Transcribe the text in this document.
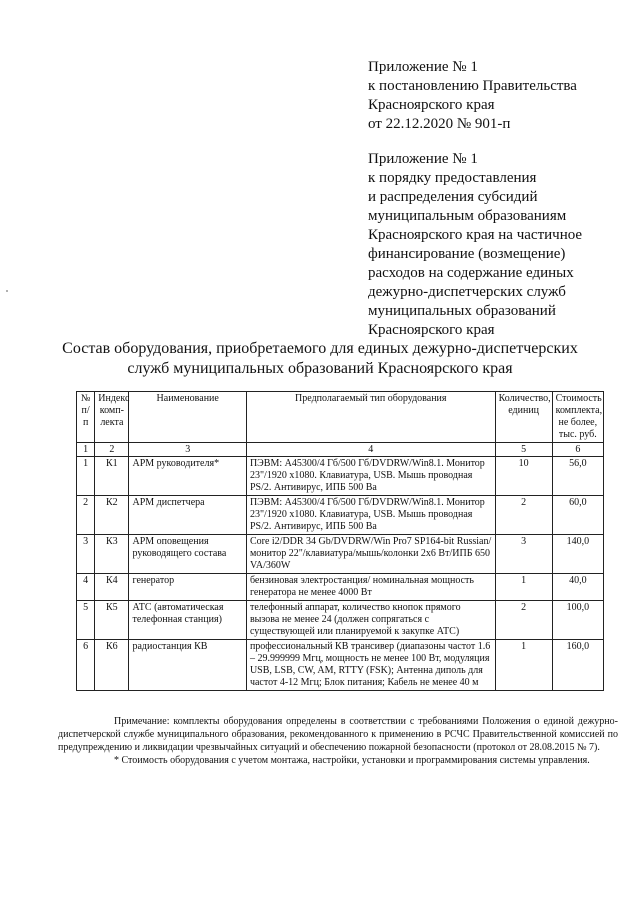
Приложение № 1
к постановлению Правительства
Красноярского края
от 22.12.2020 № 901-п
Приложение № 1
к порядку предоставления
и распределения субсидий
муниципальным образованиям
Красноярского края на частичное
финансирование (возмещение)
расходов на содержание единых
дежурно-диспетчерских служб
муниципальных образований
Красноярского края
Состав оборудования, приобретаемого для единых дежурно-диспетчерских
служб муниципальных образований Красноярского края
№ п/п	Индекс комп-лекта	Наименование	Предполагаемый тип оборудования	Количество, единиц	Стоимость комплекта, не более, тыс. руб.
1	2	3	4	5	6
1	К1	АРМ руководителя*	ПЭВМ: A45300/4 Гб/500 Гб/DVDRW/Win8.1. Монитор 23"/1920 x1080. Клавиатура, USB. Мышь проводная PS/2. Антивирус, ИПБ 500 Ва	10	56,0
2	К2	АРМ диспетчера	ПЭВМ: A45300/4 Гб/500 Гб/DVDRW/Win8.1. Монитор 23"/1920 x1080. Клавиатура, USB. Мышь проводная PS/2. Антивирус, ИПБ 500 Ва	2	60,0
3	К3	АРМ оповещения руководящего состава	Core i2/DDR 34 Gb/DVDRW/Win Pro7 SP164-bit Russian/ монитор 22"/клавиатура/мышь/колонки 2x6 Вт/ИПБ 650 VA/360W	3	140,0
4	К4	генератор	бензиновая электростанция/ номинальная мощность генератора не менее 4000 Вт	1	40,0
5	К5	АТС (автоматическая телефонная станция)	телефонный аппарат, количество кнопок прямого вызова не менее 24 (должен сопрягаться с существующей или планируемой к закупке АТС)	2	100,0
6	К6	радиостанция КВ	профессиональный КВ трансивер (диапазоны частот 1.6 – 29.999999 Мгц, мощность не менее 100 Вт, модуляция USB, LSB, CW, AM, RTTY (FSK); Антенна диполь для частот 4-12 Мгц; Блок питания; Кабель не менее 40 м	1	160,0

Примечание: комплекты оборудования определены в соответствии с требованиями Положения о единой дежурно-диспетчерской службе муниципального образования, рекомендованного к применению в РСЧС Правительственной комиссией по предупреждению и ликвидации чрезвычайных ситуаций и обеспечению пожарной безопасности (протокол от 28.08.2015 № 7).

* Стоимость оборудования с учетом монтажа, настройки, установки и программирования системы управления.
